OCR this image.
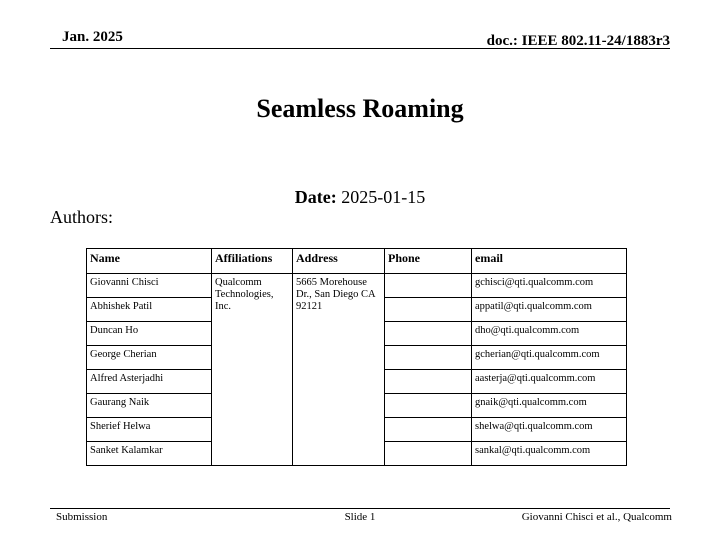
Jan. 2025	doc.: IEEE 802.11-24/1883r3
Seamless Roaming
Date: 2025-01-15
Authors:
Name	Affiliations	Address	Phone	email
Giovanni Chisci	Qualcomm Technologies, Inc.	5665 Morehouse Dr., San Diego CA 92121		gchisci@qti.qualcomm.com
Abhishek Patil				appatil@qti.qualcomm.com
Duncan Ho				dho@qti.qualcomm.com
George Cherian				gcherian@qti.qualcomm.com
Alfred Asterjadhi				aasterja@qti.qualcomm.com
Gaurang Naik				gnaik@qti.qualcomm.com
Sherief Helwa				shelwa@qti.qualcomm.com
Sanket Kalamkar				sankal@qti.qualcomm.com
Submission	Slide 1	Giovanni Chisci et al., Qualcomm
